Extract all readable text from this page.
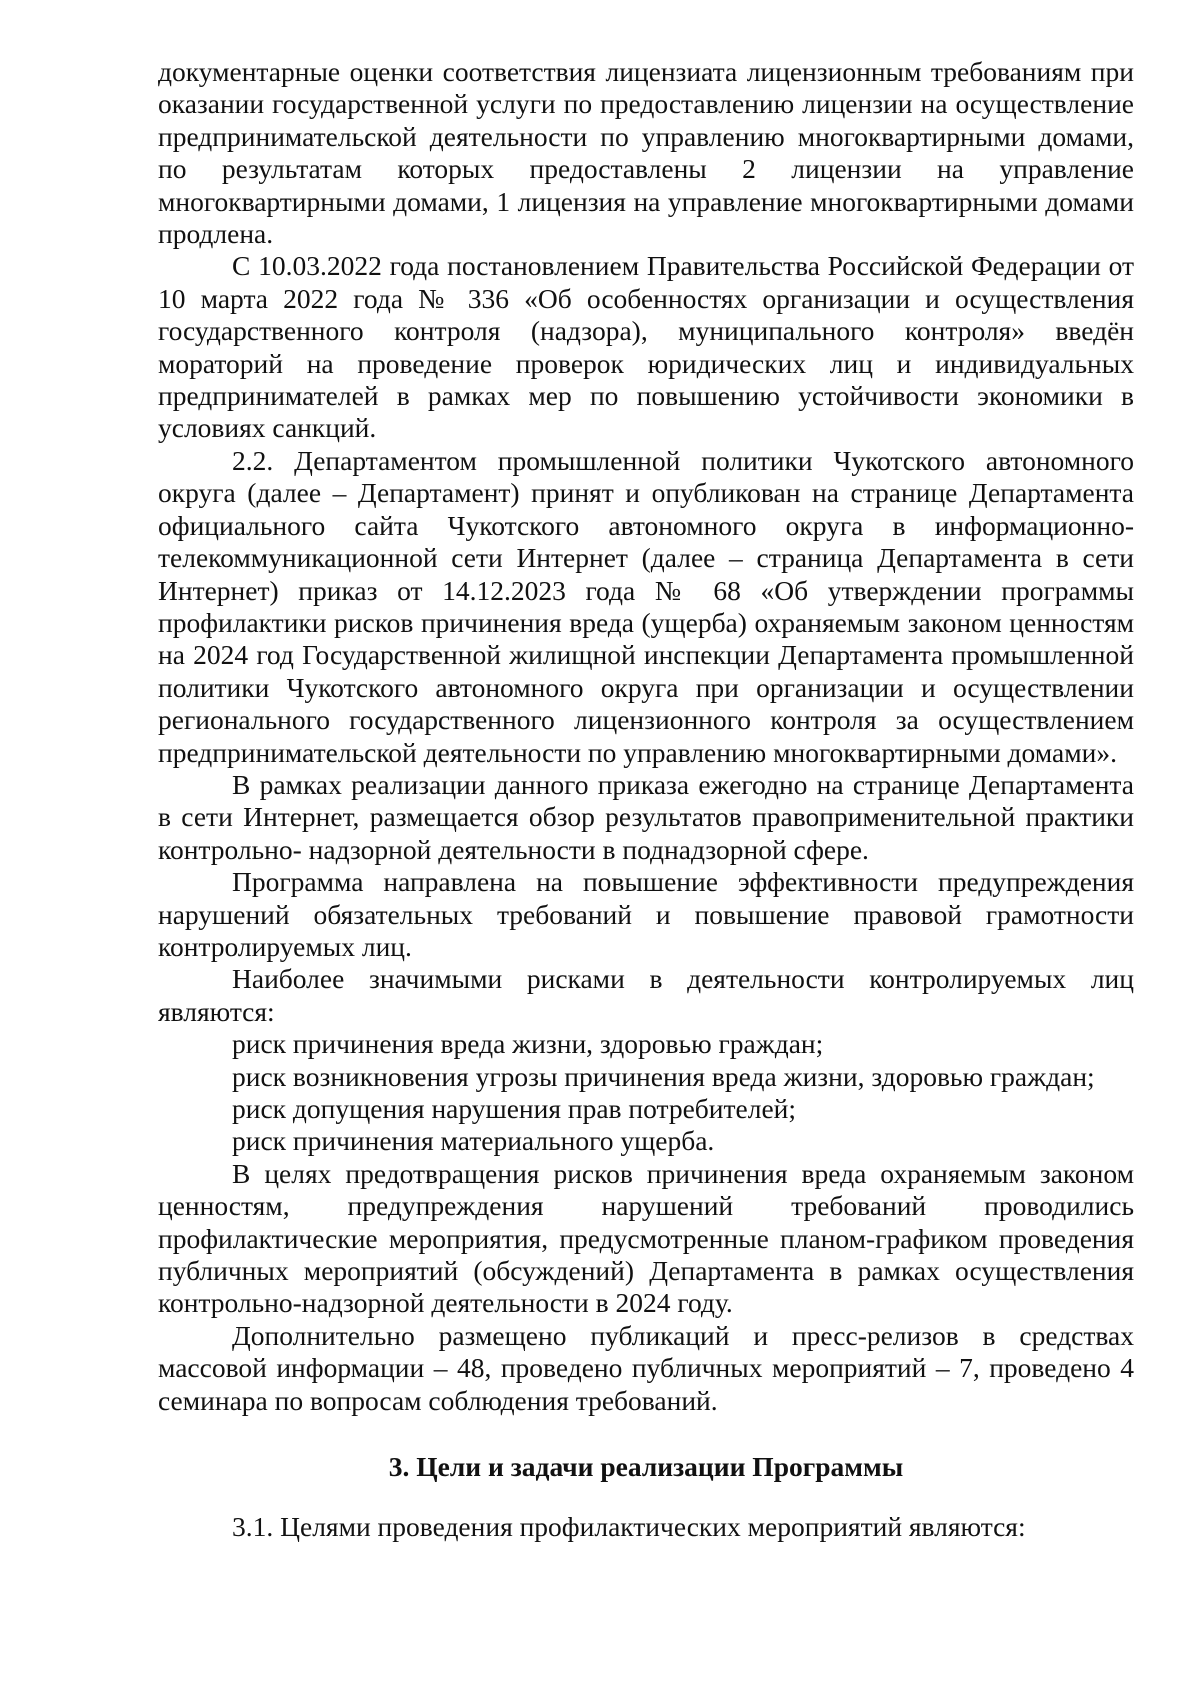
документарные оценки соответствия лицензиата лицензионным требованиям при оказании государственной услуги по предоставлению лицензии на осуществление предпринимательской деятельности по управлению многоквартирными домами, по результатам которых предоставлены 2 лицензии на управление многоквартирными домами, 1 лицензия на управление многоквартирными домами продлена.

С 10.03.2022 года постановлением Правительства Российской Федерации от 10 марта 2022 года № 336 «Об особенностях организации и осуществления государственного контроля (надзора), муниципального контроля» введён мораторий на проведение проверок юридических лиц и индивидуальных предпринимателей в рамках мер по повышению устойчивости экономики в условиях санкций.

2.2. Департаментом промышленной политики Чукотского автономного округа (далее – Департамент) принят и опубликован на странице Департамента официального сайта Чукотского автономного округа в информационно-телекоммуникационной сети Интернет (далее – страница Департамента в сети Интернет) приказ от 14.12.2023 года № 68 «Об утверждении программы профилактики рисков причинения вреда (ущерба) охраняемым законом ценностям на 2024 год Государственной жилищной инспекции Департамента промышленной политики Чукотского автономного округа при организации и осуществлении регионального государственного лицензионного контроля за осуществлением предпринимательской деятельности по управлению многоквартирными домами».

В рамках реализации данного приказа ежегодно на странице Департамента в сети Интернет, размещается обзор результатов правоприменительной практики контрольно- надзорной деятельности в поднадзорной сфере.

Программа направлена на повышение эффективности предупреждения нарушений обязательных требований и повышение правовой грамотности контролируемых лиц.

Наиболее значимыми рисками в деятельности контролируемых лиц являются:

риск причинения вреда жизни, здоровью граждан;

риск возникновения угрозы причинения вреда жизни, здоровью граждан;

риск допущения нарушения прав потребителей;

риск причинения материального ущерба.

В целях предотвращения рисков причинения вреда охраняемым законом ценностям, предупреждения нарушений требований проводились профилактические мероприятия, предусмотренные планом-графиком проведения публичных мероприятий (обсуждений) Департамента в рамках осуществления контрольно-надзорной деятельности в 2024 году.

Дополнительно размещено публикаций и пресс-релизов в средствах массовой информации – 48, проведено публичных мероприятий – 7, проведено 4 семинара по вопросам соблюдения требований.

3. Цели и задачи реализации Программы

3.1. Целями проведения профилактических мероприятий являются:
